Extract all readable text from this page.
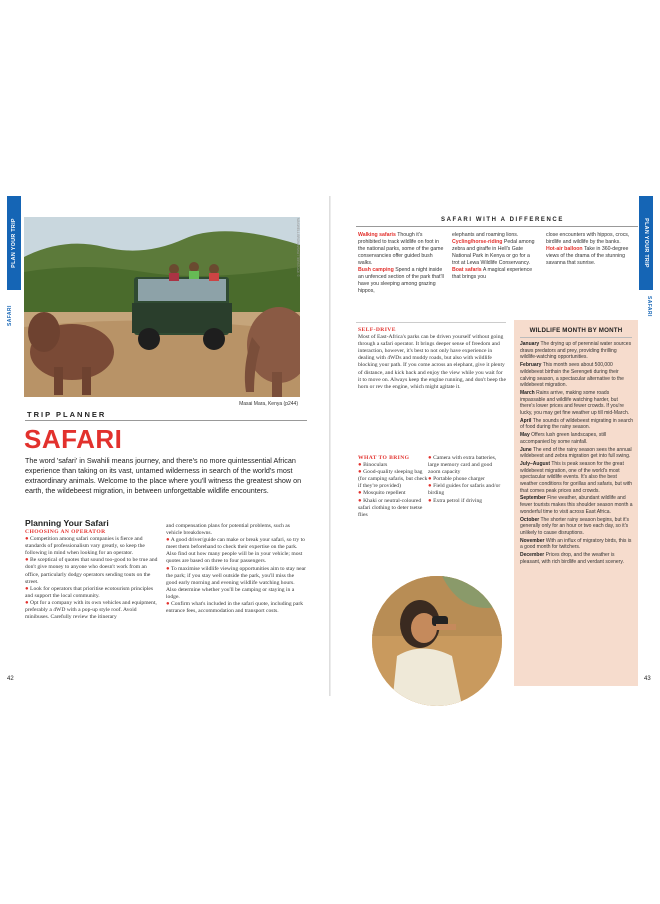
PLAN YOUR TRIP
SAFARI
MAXWELL BROWN/SHUTTERSTOCK ©
Masai Mara, Kenya (p244)
TRIP PLANNER
SAFARI
The word 'safari' in Swahili means journey, and there's no more quintessential African experience than taking on its vast, untamed wilderness in search of the world's most extraordinary animals. Welcome to the place where you'll witness the greatest show on earth, the wildebeest migration, in between unforgettable wildlife encounters.
Planning Your Safari
CHOOSING AN OPERATOR

● Competition among safari companies is fierce and standards of professionalism vary greatly, so keep the following in mind when looking for an operator.

● Be sceptical of quotes that sound too-good to be true and don't give money to anyone who doesn't work from an office, particularly dodgy operators sending touts on the street.

● Look for operators that prioritise ecotourism principles and support the local community.

● Opt for a company with its own vehicles and equipment, preferably a 4WD with a pop-up style roof. Avoid minibuses. Carefully review the itinerary

and compensation plans for potential problems, such as vehicle breakdowns.

● A good driver/guide can make or break your safari, so try to meet them beforehand to check their expertise on the park. Also find out how many people will be in your vehicle; most quotes are based on three to four passengers.

● To maximise wildlife viewing opportunities aim to stay near the park; if you stay well outside the park, you'll miss the good early morning and evening wildlife watching hours. Also determine whether you'll be camping or staying in a lodge.

● Confirm what's included in the safari quote, including park entrance fees, accommodation and transport costs.

42
PLAN YOUR TRIP
SAFARI
SAFARI WITH A DIFFERENCE

Walking safaris Though it's prohibited to track wildlife on foot in the national parks, some of the game conservancies offer guided bush walks.

Bush camping Spend a night inside an unfenced section of the park that'll have you sleeping among grazing hippos,

elephants and roaming lions.

Cycling/horse-riding Pedal among zebra and giraffe in Hell's Gate National Park in Kenya or go for a trot at Lewa Wildlife Conservancy.

Boat safaris A magical experience that brings you

close encounters with hippos, crocs, birdlife and wildlife by the banks.

Hot-air balloon Take in 360-degree views of the drama of the stunning savanna that sunrise.

SELF-DRIVE

Most of East-Africa's parks can be driven yourself without going through a safari operator. It brings deeper sense of freedom and interaction, however, it's best to not only have experience in dealing with 4WDs and muddy roads, but also with wildlife blocking your path. If you come across an elephant, give it plenty of distance, and kick back and enjoy the view while you wait for it to move on. Always keep the engine running, and don't beep the horn or rev the engine, which might agitate it.

WHAT TO BRING

● Binoculars

● Good-quality sleeping bag (for camping safaris, but check if they're provided)

● Mosquito repellent

● Khaki or neutral-coloured safari clothing to deter tsetse flies

● Camera with extra batteries, large memory card and good zoom capacity

● Portable phone charger

● Field guides for safaris and/or birding

● Extra petrol if driving

WILDLIFE MONTH BY MONTH

January The drying up of perennial water sources draws predators and prey, providing thrilling wildlife-watching opportunities.

February This month sees about 500,000 wildebeest birthsin the Serengeti during their calving season, a spectacular alternative to the wildebeest migration.

March Rains arrive, making some roads impassable and wildlife watching harder, but there's lower prices and fewer crowds. If you're lucky, you may get fine weather up till mid-March.

April The sounds of wildebeest migrating in search of food during the rainy season.

May Offers lush green landscapes, still accompanied by some rainfall.

June The end of the rainy season sees the annual wildebeest and zebra migration get into full swing.

July–August This is peak season for the great wildebeest migration, one of the world's most spectacular wildlife events. It's also the best weather conditions for gorillas and safaris, but with that comes peak prices and crowds.

September Fine weather, abundant wildlife and fewer tourists makes this shoulder season month a wonderful time to visit across East Africa.

October The shorter rainy season begins, but it's generally only for an hour or two each day, so it's unlikely to cause disruptions.

November With an influx of migratory birds, this is a good month for twitchers.

December Prices drop, and the weather is pleasant, with rich birdlife and verdant scenery.

43
